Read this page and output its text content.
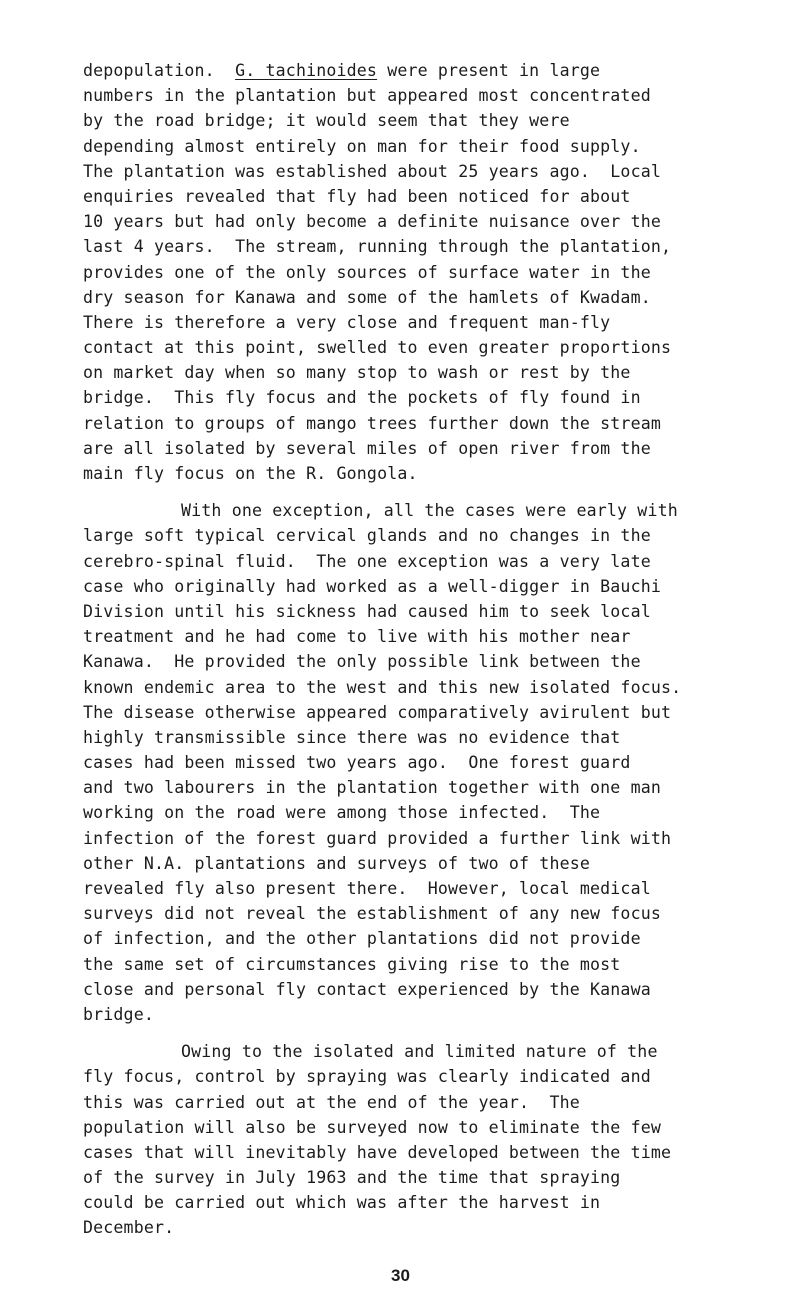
depopulation.  G. tachinoides were present in large
numbers in the plantation but appeared most concentrated
by the road bridge; it would seem that they were
depending almost entirely on man for their food supply.
The plantation was established about 25 years ago.  Local
enquiries revealed that fly had been noticed for about
10 years but had only become a definite nuisance over the
last 4 years.  The stream, running through the plantation,
provides one of the only sources of surface water in the
dry season for Kanawa and some of the hamlets of Kwadam.
There is therefore a very close and frequent man-fly
contact at this point, swelled to even greater proportions
on market day when so many stop to wash or rest by the
bridge.  This fly focus and the pockets of fly found in
relation to groups of mango trees further down the stream
are all isolated by several miles of open river from the
main fly focus on the R. Gongola.
With one exception, all the cases were early with
large soft typical cervical glands and no changes in the
cerebro-spinal fluid.  The one exception was a very late
case who originally had worked as a well-digger in Bauchi
Division until his sickness had caused him to seek local
treatment and he had come to live with his mother near
Kanawa.  He provided the only possible link between the
known endemic area to the west and this new isolated focus.
The disease otherwise appeared comparatively avirulent but
highly transmissible since there was no evidence that
cases had been missed two years ago.  One forest guard
and two labourers in the plantation together with one man
working on the road were among those infected.  The
infection of the forest guard provided a further link with
other N.A. plantations and surveys of two of these
revealed fly also present there.  However, local medical
surveys did not reveal the establishment of any new focus
of infection, and the other plantations did not provide
the same set of circumstances giving rise to the most
close and personal fly contact experienced by the Kanawa
bridge.
Owing to the isolated and limited nature of the
fly focus, control by spraying was clearly indicated and
this was carried out at the end of the year.  The
population will also be surveyed now to eliminate the few
cases that will inevitably have developed between the time
of the survey in July 1963 and the time that spraying
could be carried out which was after the harvest in
December.
30
